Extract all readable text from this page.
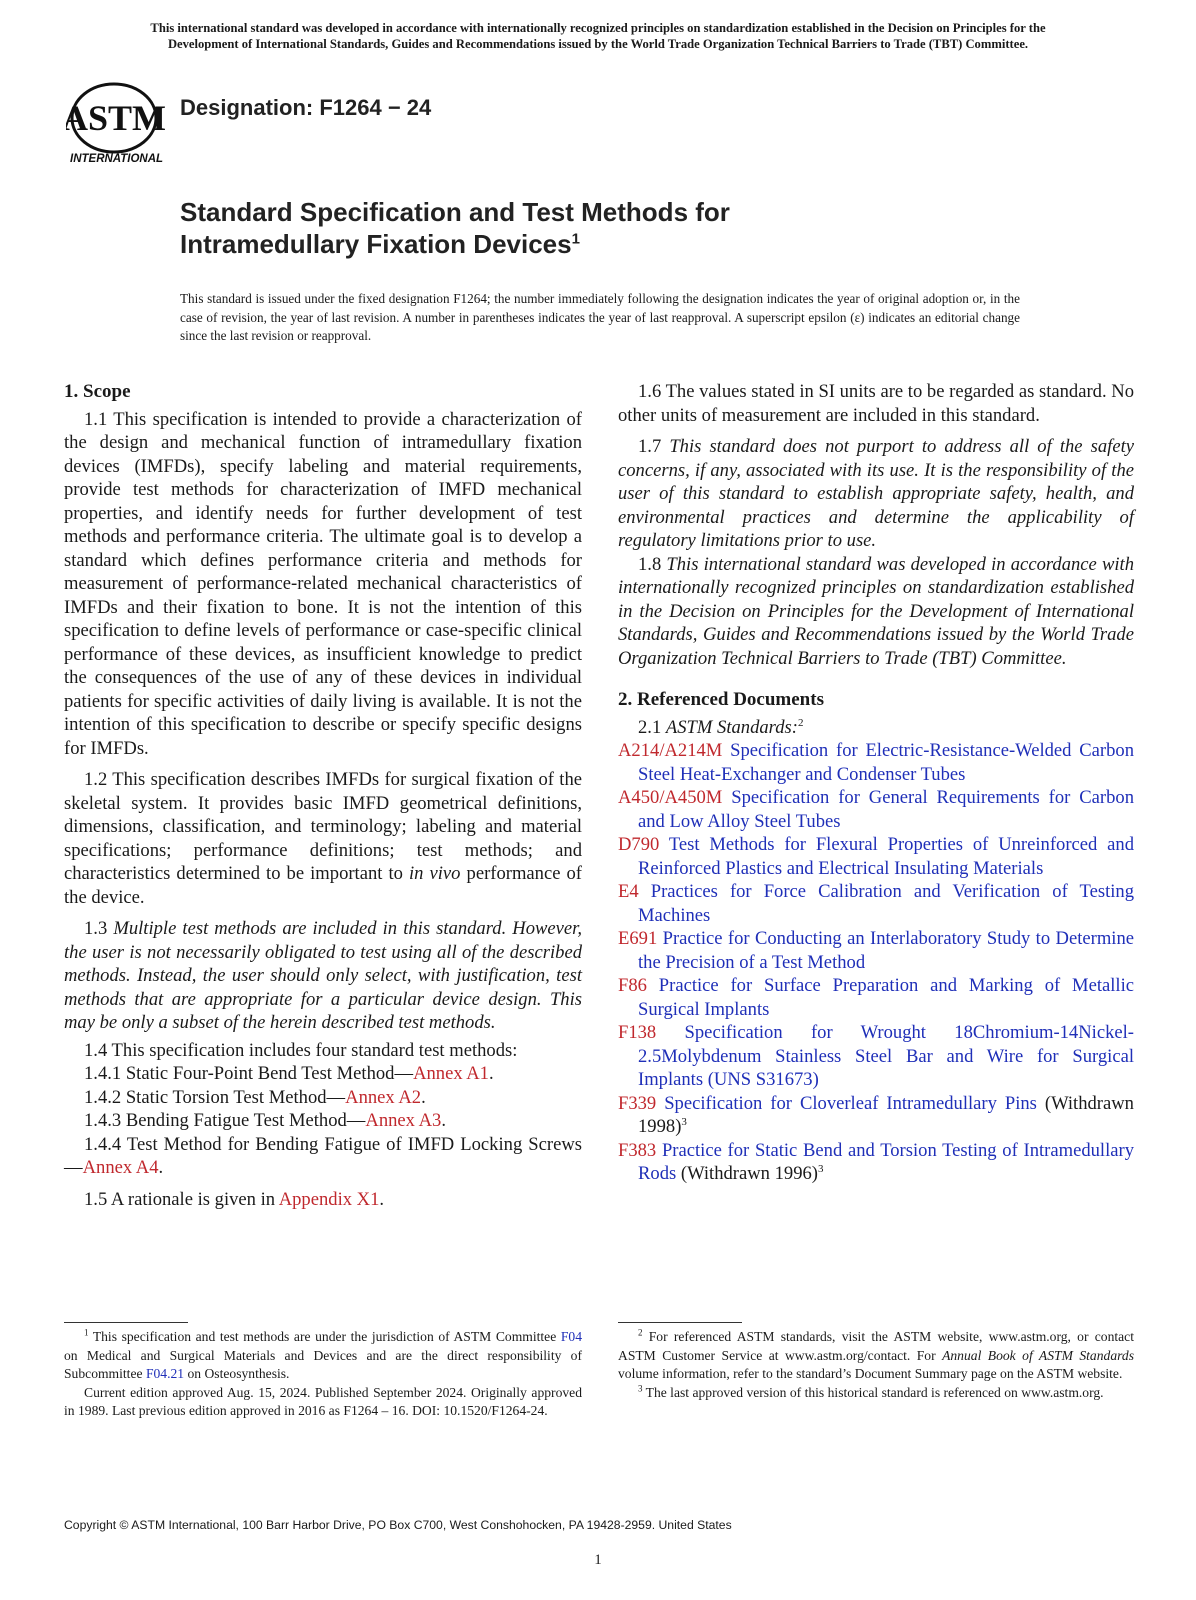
This international standard was developed in accordance with internationally recognized principles on standardization established in the Decision on Principles for the
Development of International Standards, Guides and Recommendations issued by the World Trade Organization Technical Barriers to Trade (TBT) Committee.
ASTM
INTERNATIONAL
Designation: F1264 − 24
Standard Specification and Test Methods for
Intramedullary Fixation Devices$^1$
This standard is issued under the fixed designation F1264; the number immediately following the designation indicates the year of original adoption or, in the case of revision, the year of last revision. A number in parentheses indicates the year of last reapproval. A superscript epsilon (ε) indicates an editorial change since the last revision or reapproval.
1. Scope

1.1 This specification is intended to provide a characterization of the design and mechanical function of intramedullary fixation devices (IMFDs), specify labeling and material requirements, provide test methods for characterization of IMFD mechanical properties, and identify needs for further development of test methods and performance criteria. The ultimate goal is to develop a standard which defines performance criteria and methods for measurement of performance-related mechanical characteristics of IMFDs and their fixation to bone. It is not the intention of this specification to define levels of performance or case-specific clinical performance of these devices, as insufficient knowledge to predict the consequences of the use of any of these devices in individual patients for specific activities of daily living is available. It is not the intention of this specification to describe or specify specific designs for IMFDs.

1.2 This specification describes IMFDs for surgical fixation of the skeletal system. It provides basic IMFD geometrical definitions, dimensions, classification, and terminology; labeling and material specifications; performance definitions; test methods; and characteristics determined to be important to in vivo performance of the device.

1.3 Multiple test methods are included in this standard. However, the user is not necessarily obligated to test using all of the described methods. Instead, the user should only select, with justification, test methods that are appropriate for a particular device design. This may be only a subset of the herein described test methods.

1.4 This specification includes four standard test methods:

1.4.1 Static Four-Point Bend Test Method—Annex A1.

1.4.2 Static Torsion Test Method—Annex A2.

1.4.3 Bending Fatigue Test Method—Annex A3.

1.4.4 Test Method for Bending Fatigue of IMFD Locking Screws—Annex A4.

1.5 A rationale is given in Appendix X1.

1.6 The values stated in SI units are to be regarded as standard. No other units of measurement are included in this standard.

1.7 This standard does not purport to address all of the safety concerns, if any, associated with its use. It is the responsibility of the user of this standard to establish appropriate safety, health, and environmental practices and determine the applicability of regulatory limitations prior to use.

1.8 This international standard was developed in accordance with internationally recognized principles on standardization established in the Decision on Principles for the Development of International Standards, Guides and Recommendations issued by the World Trade Organization Technical Barriers to Trade (TBT) Committee.

2. Referenced Documents

2.1 ASTM Standards:$^2$

A214/A214M Specification for Electric-Resistance-Welded Carbon Steel Heat-Exchanger and Condenser Tubes

A450/A450M Specification for General Requirements for Carbon and Low Alloy Steel Tubes

D790 Test Methods for Flexural Properties of Unreinforced and Reinforced Plastics and Electrical Insulating Materials

E4 Practices for Force Calibration and Verification of Testing Machines

E691 Practice for Conducting an Interlaboratory Study to Determine the Precision of a Test Method

F86 Practice for Surface Preparation and Marking of Metallic Surgical Implants

F138 Specification for Wrought 18Chromium-14Nickel-2.5Molybdenum Stainless Steel Bar and Wire for Surgical Implants (UNS S31673)

F339 Specification for Cloverleaf Intramedullary Pins (Withdrawn 1998)$^3$

F383 Practice for Static Bend and Torsion Testing of Intramedullary Rods (Withdrawn 1996)$^3$

$^1$ This specification and test methods are under the jurisdiction of ASTM Committee F04 on Medical and Surgical Materials and Devices and are the direct responsibility of Subcommittee F04.21 on Osteosynthesis.

Current edition approved Aug. 15, 2024. Published September 2024. Originally approved in 1989. Last previous edition approved in 2016 as F1264 – 16. DOI: 10.1520/F1264-24.

$^2$ For referenced ASTM standards, visit the ASTM website, www.astm.org, or contact ASTM Customer Service at www.astm.org/contact. For Annual Book of ASTM Standards volume information, refer to the standard’s Document Summary page on the ASTM website.

$^3$ The last approved version of this historical standard is referenced on www.astm.org.

Copyright © ASTM International, 100 Barr Harbor Drive, PO Box C700, West Conshohocken, PA 19428-2959. United States
1
